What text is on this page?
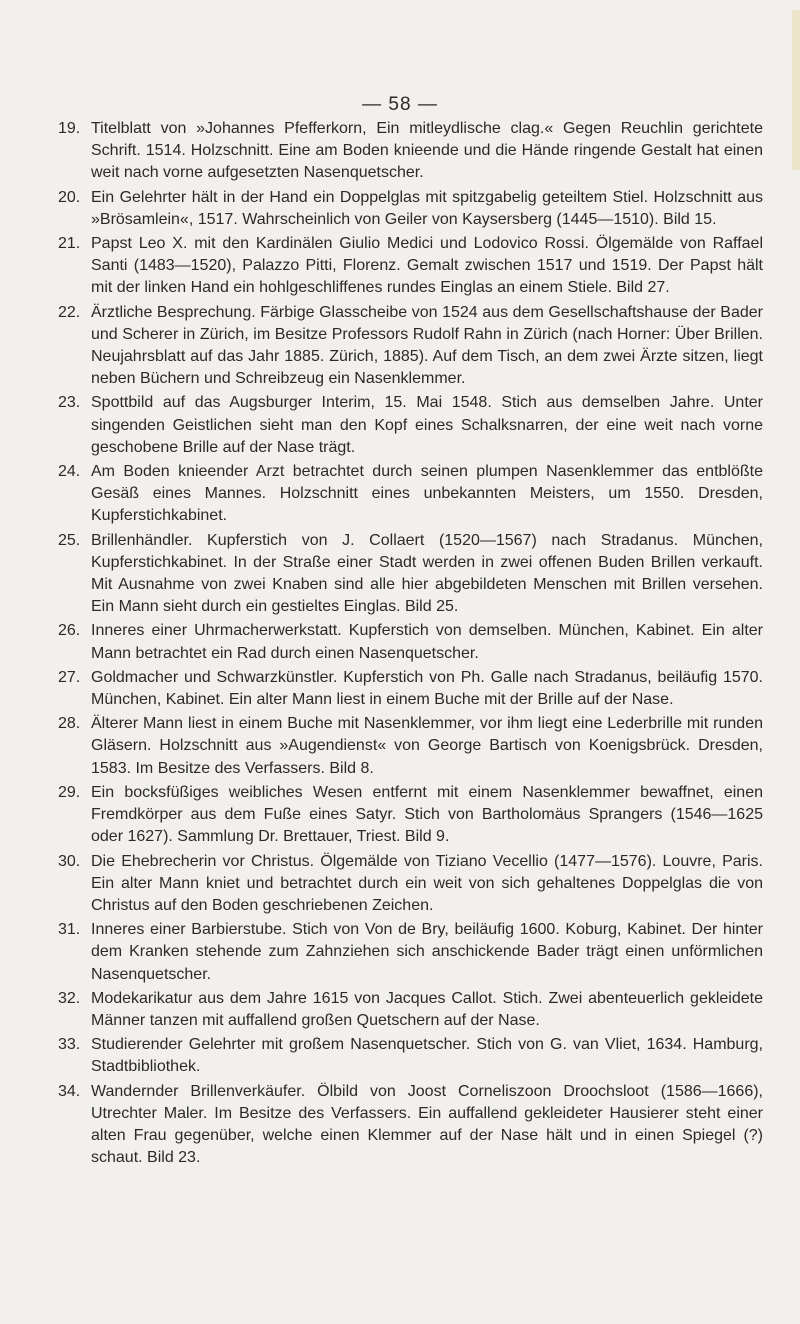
— 58 —
19. Titelblatt von »Johannes Pfefferkorn, Ein mitleydlische clag.« Gegen Reuchlin gerichtete Schrift. 1514. Holzschnitt. Eine am Boden knieende und die Hände ringende Gestalt hat einen weit nach vorne aufgesetzten Nasenquetscher.
20. Ein Gelehrter hält in der Hand ein Doppelglas mit spitzgabelig geteiltem Stiel. Holzschnitt aus »Brösamlein«, 1517. Wahrscheinlich von Geiler von Kaysersberg (1445—1510). Bild 15.
21. Papst Leo X. mit den Kardinälen Giulio Medici und Lodovico Rossi. Ölgemälde von Raffael Santi (1483—1520), Palazzo Pitti, Florenz. Gemalt zwischen 1517 und 1519. Der Papst hält mit der linken Hand ein hohlgeschliffenes rundes Einglas an einem Stiele. Bild 27.
22. Ärztliche Besprechung. Färbige Glasscheibe von 1524 aus dem Gesellschaftshause der Bader und Scherer in Zürich, im Besitze Professors Rudolf Rahn in Zürich (nach Horner: Über Brillen. Neujahrsblatt auf das Jahr 1885. Zürich, 1885). Auf dem Tisch, an dem zwei Ärzte sitzen, liegt neben Büchern und Schreibzeug ein Nasenklemmer.
23. Spottbild auf das Augsburger Interim, 15. Mai 1548. Stich aus demselben Jahre. Unter singenden Geistlichen sieht man den Kopf eines Schalksnarren, der eine weit nach vorne geschobene Brille auf der Nase trägt.
24. Am Boden knieender Arzt betrachtet durch seinen plumpen Nasenklemmer das entblößte Gesäß eines Mannes. Holzschnitt eines unbekannten Meisters, um 1550. Dresden, Kupferstichkabinet.
25. Brillenhändler. Kupferstich von J. Collaert (1520—1567) nach Stradanus. München, Kupferstichkabinet. In der Straße einer Stadt werden in zwei offenen Buden Brillen verkauft. Mit Ausnahme von zwei Knaben sind alle hier abgebildeten Menschen mit Brillen versehen. Ein Mann sieht durch ein gestieltes Einglas. Bild 25.
26. Inneres einer Uhrmacherwerkstatt. Kupferstich von demselben. München, Kabinet. Ein alter Mann betrachtet ein Rad durch einen Nasenquetscher.
27. Goldmacher und Schwarzkünstler. Kupferstich von Ph. Galle nach Stradanus, beiläufig 1570. München, Kabinet. Ein alter Mann liest in einem Buche mit der Brille auf der Nase.
28. Älterer Mann liest in einem Buche mit Nasenklemmer, vor ihm liegt eine Lederbrille mit runden Gläsern. Holzschnitt aus »Augendienst« von George Bartisch von Koenigsbrück. Dresden, 1583. Im Besitze des Verfassers. Bild 8.
29. Ein bocksfüßiges weibliches Wesen entfernt mit einem Nasenklemmer bewaffnet, einen Fremdkörper aus dem Fuße eines Satyr. Stich von Bartholomäus Sprangers (1546—1625 oder 1627). Sammlung Dr. Brettauer, Triest. Bild 9.
30. Die Ehebrecherin vor Christus. Ölgemälde von Tiziano Vecellio (1477—1576). Louvre, Paris. Ein alter Mann kniet und betrachtet durch ein weit von sich gehaltenes Doppelglas die von Christus auf den Boden geschriebenen Zeichen.
31. Inneres einer Barbierstube. Stich von Von de Bry, beiläufig 1600. Koburg, Kabinet. Der hinter dem Kranken stehende zum Zahnziehen sich anschickende Bader trägt einen unförmlichen Nasenquetscher.
32. Modekarikatur aus dem Jahre 1615 von Jacques Callot. Stich. Zwei abenteuerlich gekleidete Männer tanzen mit auffallend großen Quetschern auf der Nase.
33. Studierender Gelehrter mit großem Nasenquetscher. Stich von G. van Vliet, 1634. Hamburg, Stadtbibliothek.
34. Wandernder Brillenverkäufer. Ölbild von Joost Corneliszoon Droochsloot (1586—1666), Utrechter Maler. Im Besitze des Verfassers. Ein auffallend gekleideter Hausierer steht einer alten Frau gegenüber, welche einen Klemmer auf der Nase hält und in einen Spiegel (?) schaut. Bild 23.
